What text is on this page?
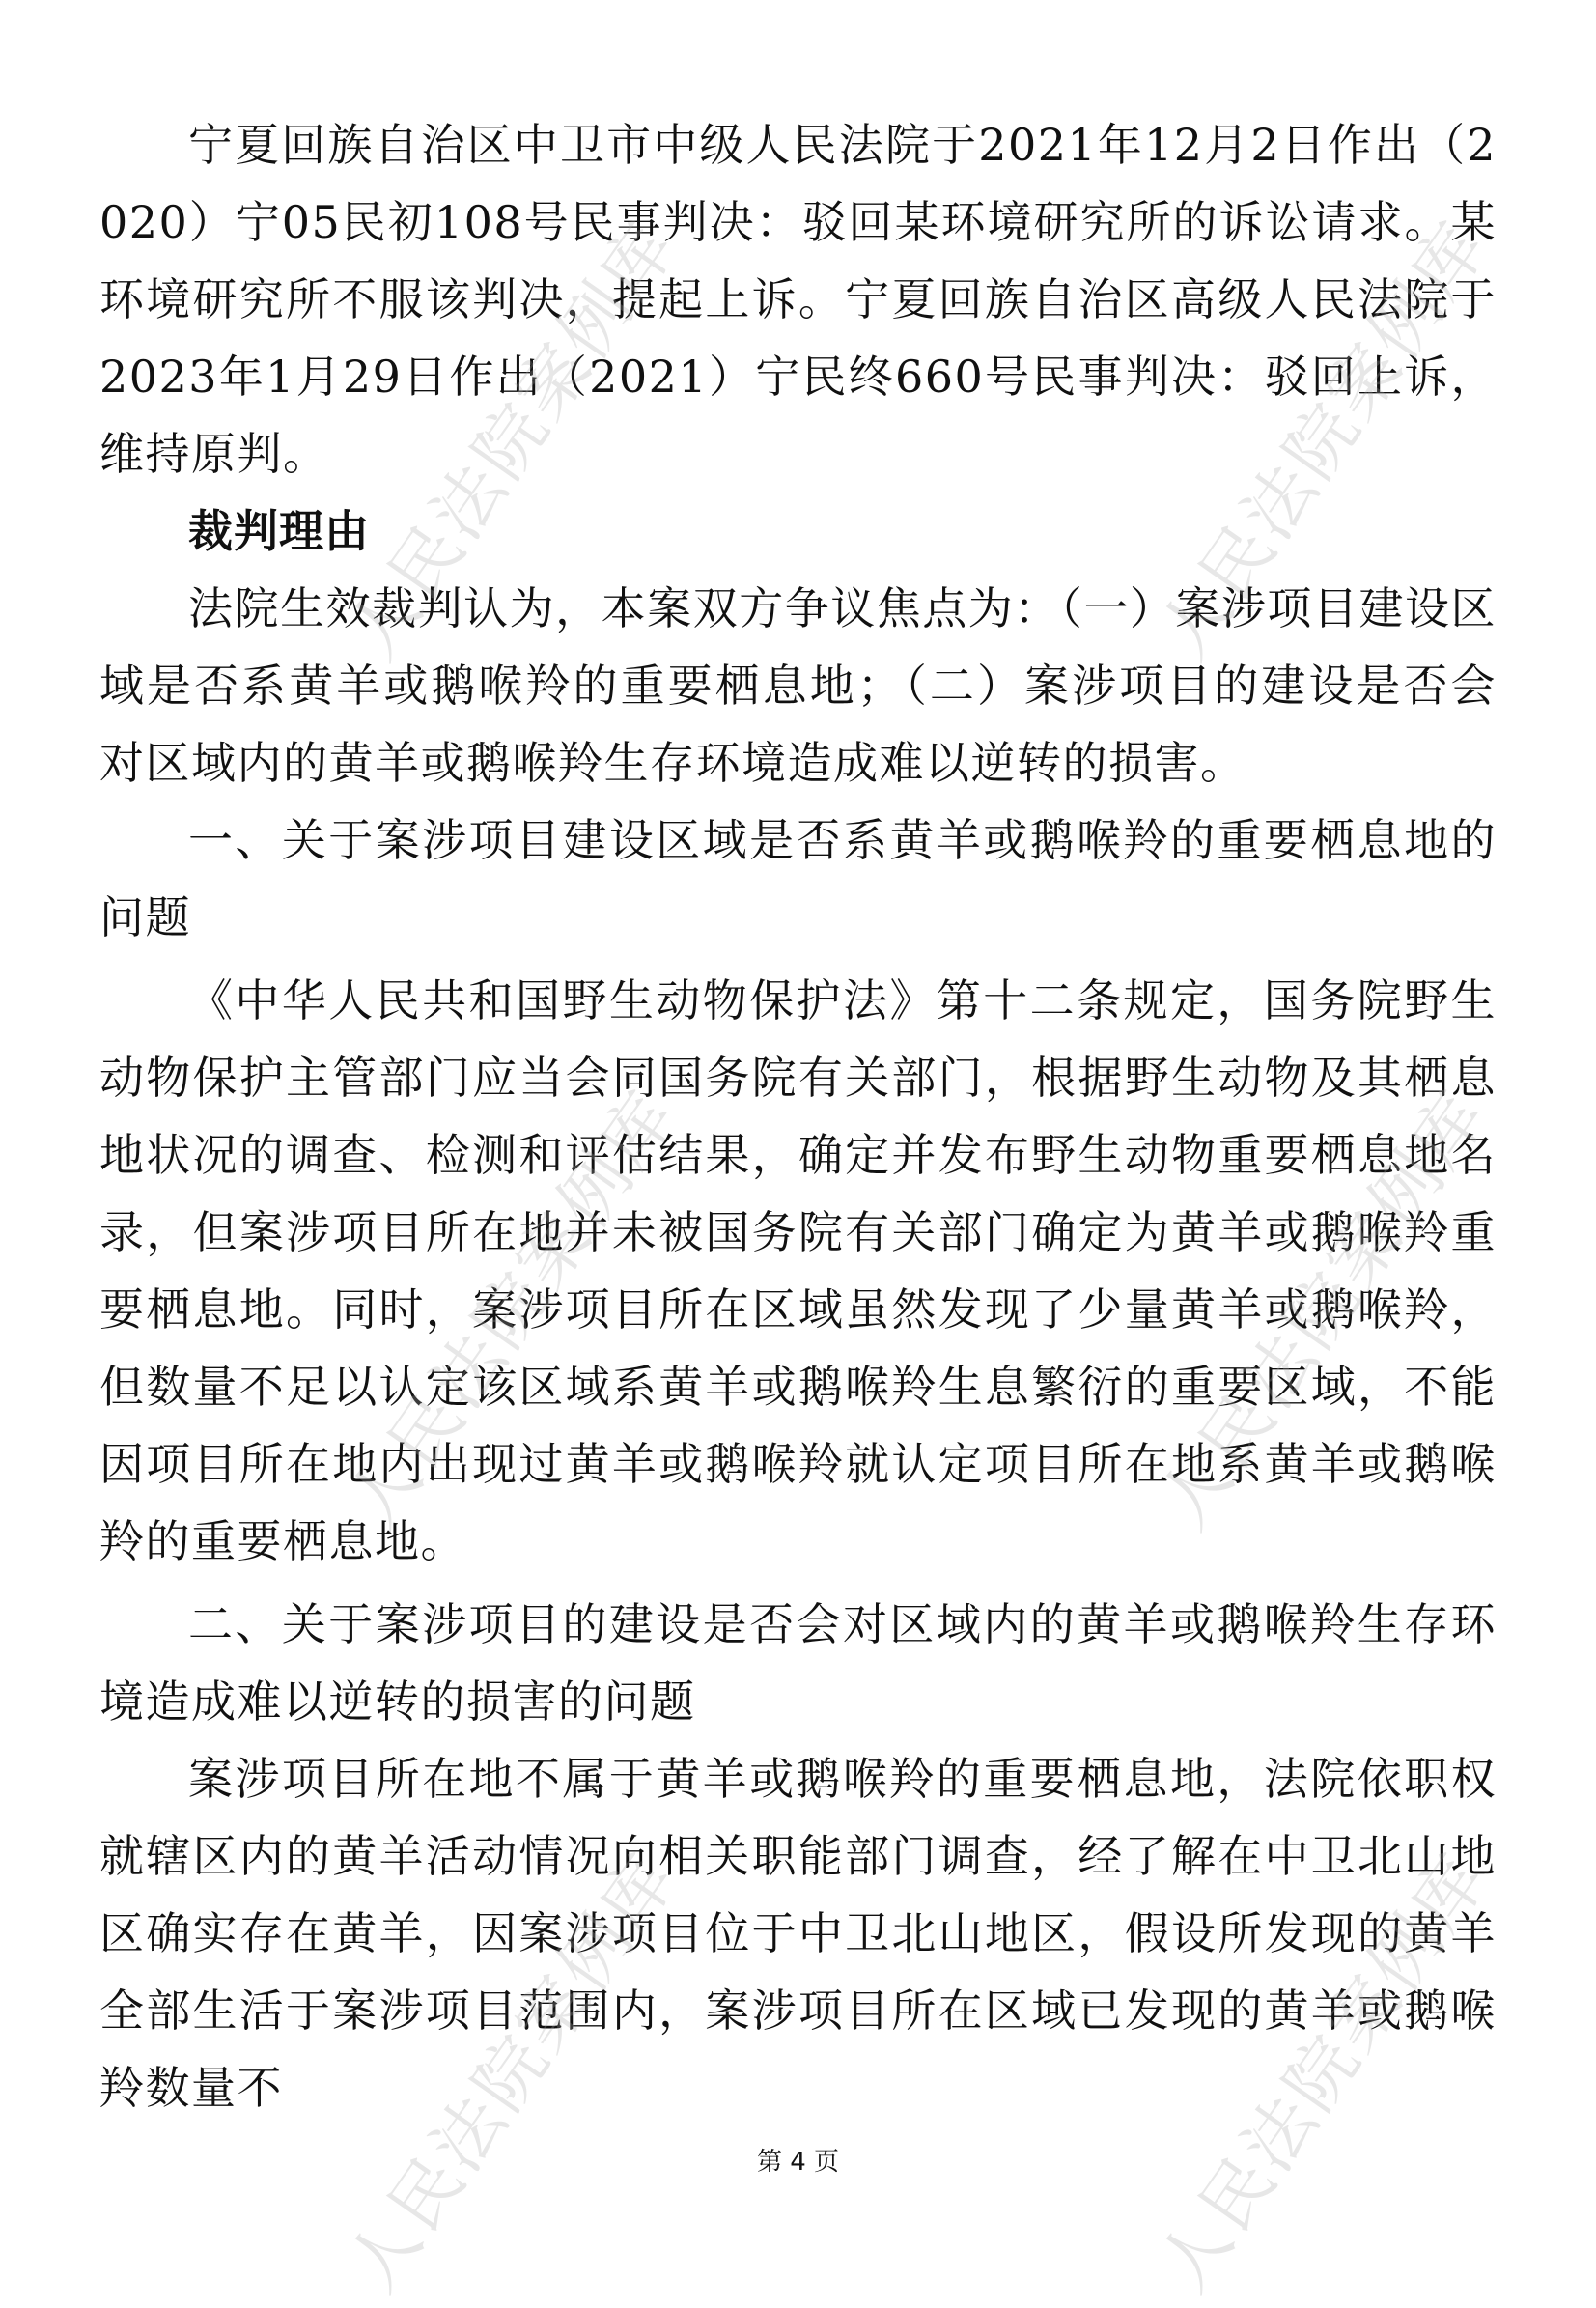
宁夏回族自治区中卫市中级人民法院于2021年12月2日作出（2020）宁05民初108号民事判决：驳回某环境研究所的诉讼请求。某环境研究所不服该判决，提起上诉。宁夏回族自治区高级人民法院于2023年1月29日作出（2021）宁民终660号民事判决：驳回上诉，维持原判。

裁判理由

法院生效裁判认为，本案双方争议焦点为：（一）案涉项目建设区域是否系黄羊或鹅喉羚的重要栖息地；（二）案涉项目的建设是否会对区域内的黄羊或鹅喉羚生存环境造成难以逆转的损害。

一、关于案涉项目建设区域是否系黄羊或鹅喉羚的重要栖息地的问题

《中华人民共和国野生动物保护法》第十二条规定，国务院野生动物保护主管部门应当会同国务院有关部门，根据野生动物及其栖息地状况的调查、检测和评估结果，确定并发布野生动物重要栖息地名录，但案涉项目所在地并未被国务院有关部门确定为黄羊或鹅喉羚重要栖息地。同时，案涉项目所在区域虽然发现了少量黄羊或鹅喉羚，但数量不足以认定该区域系黄羊或鹅喉羚生息繁衍的重要区域，不能因项目所在地内出现过黄羊或鹅喉羚就认定项目所在地系黄羊或鹅喉羚的重要栖息地。

二、关于案涉项目的建设是否会对区域内的黄羊或鹅喉羚生存环境造成难以逆转的损害的问题

案涉项目所在地不属于黄羊或鹅喉羚的重要栖息地，法院依职权就辖区内的黄羊活动情况向相关职能部门调查，经了解在中卫北山地区确实存在黄羊，因案涉项目位于中卫北山地区，假设所发现的黄羊全部生活于案涉项目范围内，案涉项目所在区域已发现的黄羊或鹅喉羚数量不

人民法院案例库	人民法院案例库
人民法院案例库	人民法院案例库
人民法院案例库	人民法院案例库
第 4 页
